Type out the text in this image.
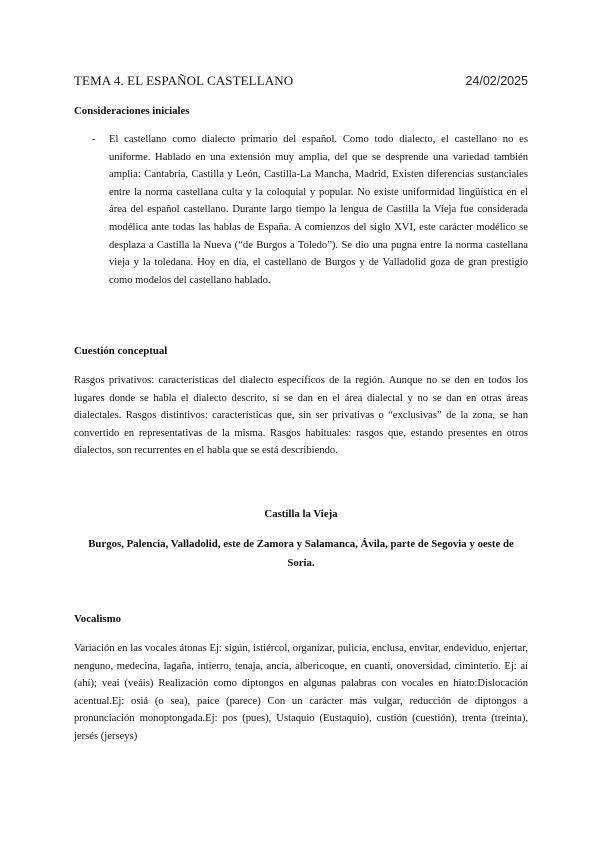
TEMA 4. EL ESPAÑOL CASTELLANO	24/02/2025
Consideraciones iniciales
- El castellano como dialecto primario del español. Como todo dialecto, el castellano no es uniforme. Hablado en una extensión muy amplia, del que se desprende una variedad también amplia: Cantabria, Castilla y León, Castilla-La Mancha, Madrid, Existen diferencias sustanciales entre la norma castellana culta y la coloquial y popular. No existe uniformidad lingüística en el área del español castellano. Durante largo tiempo la lengua de Castilla la Vieja fue considerada modélica ante todas las hablas de España. A comienzos del siglo XVI, este carácter modélico se desplaza a Castilla la Nueva (“de Burgos a Toledo”). Se dio una pugna entre la norma castellana vieja y la toledana. Hoy en día, el castellano de Burgos y de Valladolid goza de gran prestigio como modelos del castellano hablado.
Cuestión conceptual
Rasgos privativos: características del dialecto específicos de la región. Aunque no se den en todos los lugares donde se habla el dialecto descrito, sí se dan en el área dialectal y no se dan en otras áreas dialectales. Rasgos distintivos: características que, sin ser privativas o “exclusivas” de la zona, se han convertido en representativas de la misma. Rasgos habituales: rasgos que, estando presentes en otros dialectos, son recurrentes en el habla que se está describiendo.
Castilla la Vieja
Burgos, Palencia, Valladolid, este de Zamora y Salamanca, Ávila, parte de Segovia y oeste de Soria.
Vocalismo
Variación en las vocales átonas Ej: sigún, istiércol, organizar, pulicía, enclusa, envitar, endeviduo, enjertar, nenguno, medecina, lagaña, intierro, tenaja, ancía, albericoque, en cuanti, onoversidad, ciminterio. Ej: ai (ahí); veai (veáis) Realización como diptongos en algunas palabras con vocales en hiato:Dislocación acentual.Ej: osiá (o sea), paice (parece) Con un carácter más vulgar, reducción de diptongos a pronunciación monoptongada.Ej: pos (pues), Ustaquio (Eustaquio), custión (cuestión), trenta (treinta), jersés (jerseys)
